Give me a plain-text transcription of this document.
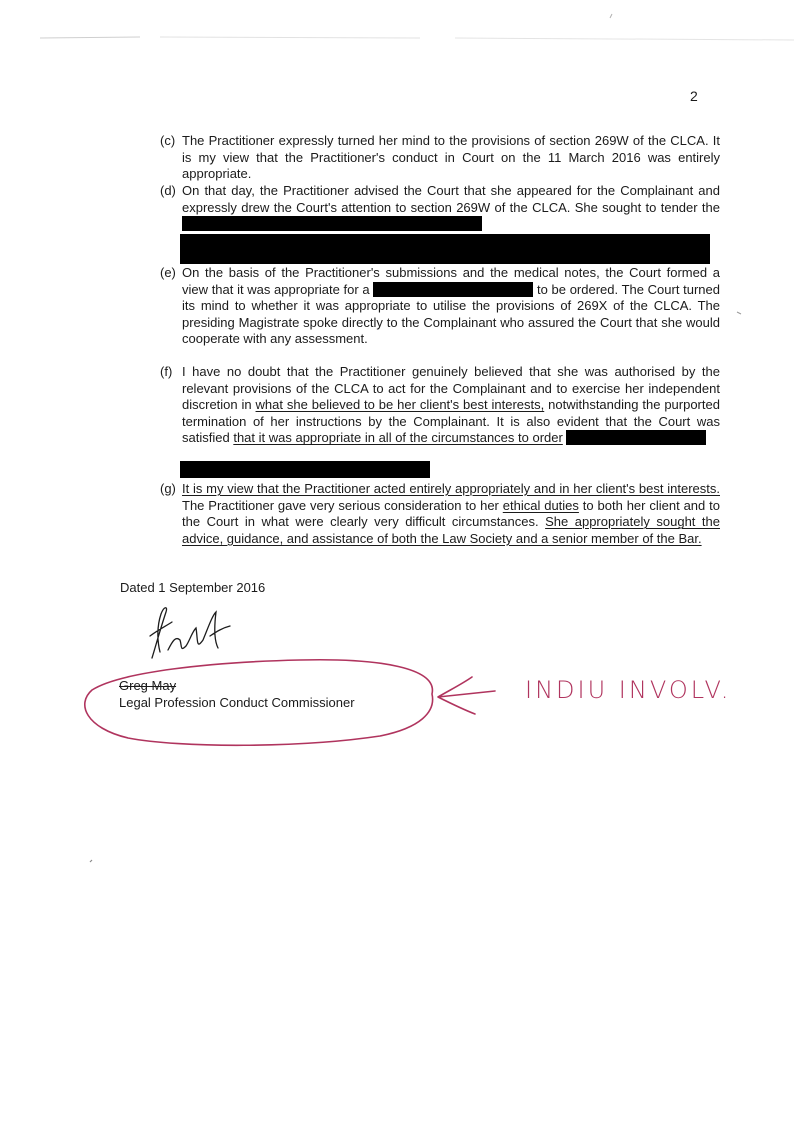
2
(c) The Practitioner expressly turned her mind to the provisions of section 269W of the CLCA. It is my view that the Practitioner's conduct in Court on the 11 March 2016 was entirely appropriate.
(d) On that day, the Practitioner advised the Court that she appeared for the Complainant and expressly drew the Court's attention to section 269W of the CLCA. She sought to tender the
(e) On the basis of the Practitioner's submissions and the medical notes, the Court formed a view that it was appropriate for a	to be ordered. The Court turned its mind to whether it was appropriate to utilise the provisions of 269X of the CLCA. The presiding Magistrate spoke directly to the Complainant who assured the Court that she would cooperate with any assessment.
(f) I have no doubt that the Practitioner genuinely believed that she was authorised by the relevant provisions of the CLCA to act for the Complainant and to exercise her independent discretion in what she believed to be her client's best interests, notwithstanding the purported termination of her instructions by the Complainant. It is also evident that the Court was satisfied that it was appropriate in all of the circumstances to order
(g) It is my view that the Practitioner acted entirely appropriately and in her client's best interests. The Practitioner gave very serious consideration to her ethical duties to both her client and to the Court in what were clearly very difficult circumstances. She appropriately sought the advice, guidance, and assistance of both the Law Society and a senior member of the Bar.
Dated 1 September 2016
Greg May
Legal Profession Conduct Commissioner	INDIU INVOLV.
